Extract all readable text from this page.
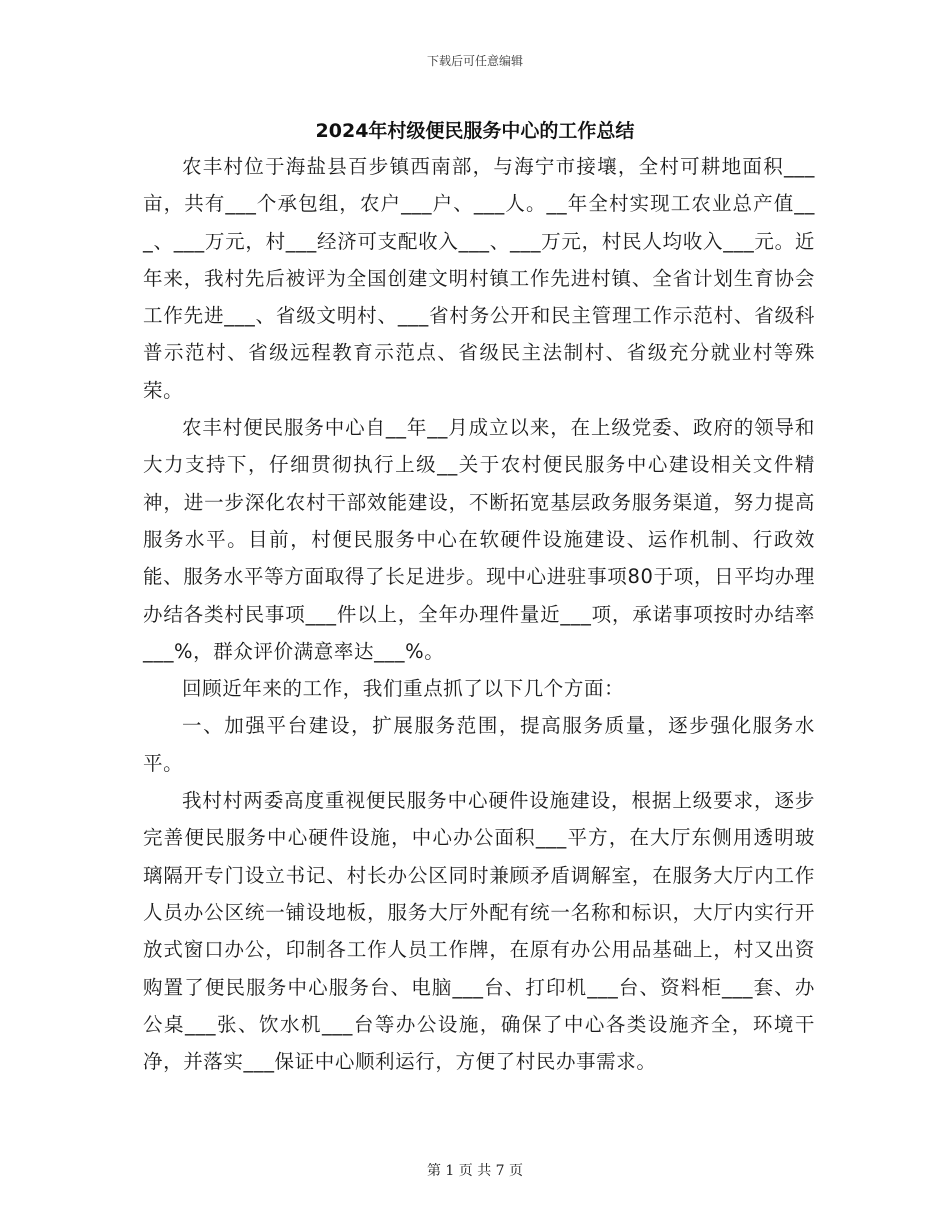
下载后可任意编辑
2024年村级便民服务中心的工作总结

农丰村位于海盐县百步镇西南部，与海宁市接壤，全村可耕地面积___亩，共有___个承包组，农户___户、___人。__年全村实现工农业总产值___、___万元，村___经济可支配收入___、___万元，村民人均收入___元。近年来，我村先后被评为全国创建文明村镇工作先进村镇、全省计划生育协会工作先进___、省级文明村、___省村务公开和民主管理工作示范村、省级科普示范村、省级远程教育示范点、省级民主法制村、省级充分就业村等殊荣。

农丰村便民服务中心自__年__月成立以来，在上级党委、政府的领导和大力支持下，仔细贯彻执行上级__关于农村便民服务中心建设相关文件精神，进一步深化农村干部效能建设，不断拓宽基层政务服务渠道，努力提高服务水平。目前，村便民服务中心在软硬件设施建设、运作机制、行政效能、服务水平等方面取得了长足进步。现中心进驻事项80于项，日平均办理办结各类村民事项___件以上，全年办理件量近___项，承诺事项按时办结率___%，群众评价满意率达___%。

回顾近年来的工作，我们重点抓了以下几个方面：

一、加强平台建设，扩展服务范围，提高服务质量，逐步强化服务水平。

我村村两委高度重视便民服务中心硬件设施建设，根据上级要求，逐步完善便民服务中心硬件设施，中心办公面积___平方，在大厅东侧用透明玻璃隔开专门设立书记、村长办公区同时兼顾矛盾调解室，在服务大厅内工作人员办公区统一铺设地板，服务大厅外配有统一名称和标识，大厅内实行开放式窗口办公，印制各工作人员工作牌，在原有办公用品基础上，村又出资购置了便民服务中心服务台、电脑___台、打印机___台、资料柜___套、办公桌___张、饮水机___台等办公设施，确保了中心各类设施齐全，环境干净，并落实___保证中心顺利运行，方便了村民办事需求。

第 1 页 共 7 页
